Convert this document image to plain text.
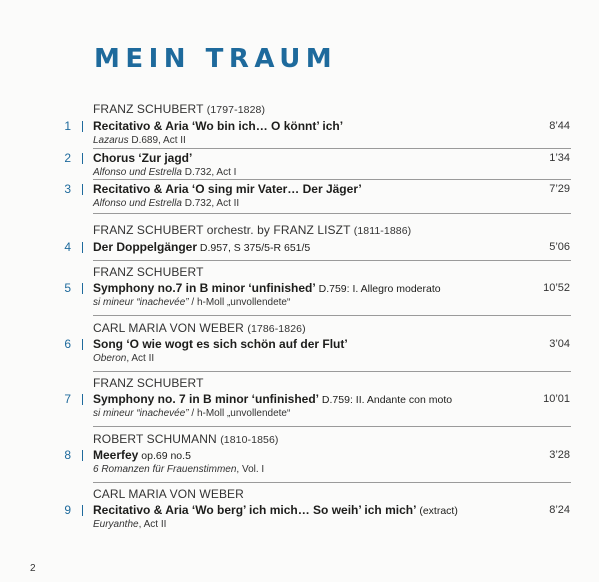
MEIN TRAUM
FRANZ SCHUBERT (1797-1828)
1 Recitativo & Aria ‘Wo bin ich… O könnt’ ich’
Lazarus D.689, Act II
8’44
2 Chorus ‘Zur jagd’
Alfonso und Estrella D.732, Act I
1’34
3 Recitativo & Aria ‘O sing mir Vater… Der Jäger’
Alfonso und Estrella D.732, Act II
7’29
FRANZ SCHUBERT orchestr. by FRANZ LISZT (1811-1886)
4 Der Doppelgänger D.957, S 375/5-R 651/5	5’06
FRANZ SCHUBERT
5 Symphony no.7 in B minor ‘unfinished’ D.759: I. Allegro moderato
si mineur “inachevée” / h-Moll „unvollendete“
10’52
CARL MARIA VON WEBER (1786-1826)
6 Song ‘O wie wogt es sich schön auf der Flut’
Oberon, Act II
3’04
FRANZ SCHUBERT
7 Symphony no. 7 in B minor ‘unfinished’ D.759: II. Andante con moto
si mineur “inachevée” / h-Moll „unvollendete“
10’01
ROBERT SCHUMANN (1810-1856)
8 Meerfey op.69 no.5
6 Romanzen für Frauenstimmen, Vol. I
3’28
CARL MARIA VON WEBER
9 Recitativo & Aria ‘Wo berg’ ich mich… So weih’ ich mich’ (extract)
Euryanthe, Act II
8’24
2
